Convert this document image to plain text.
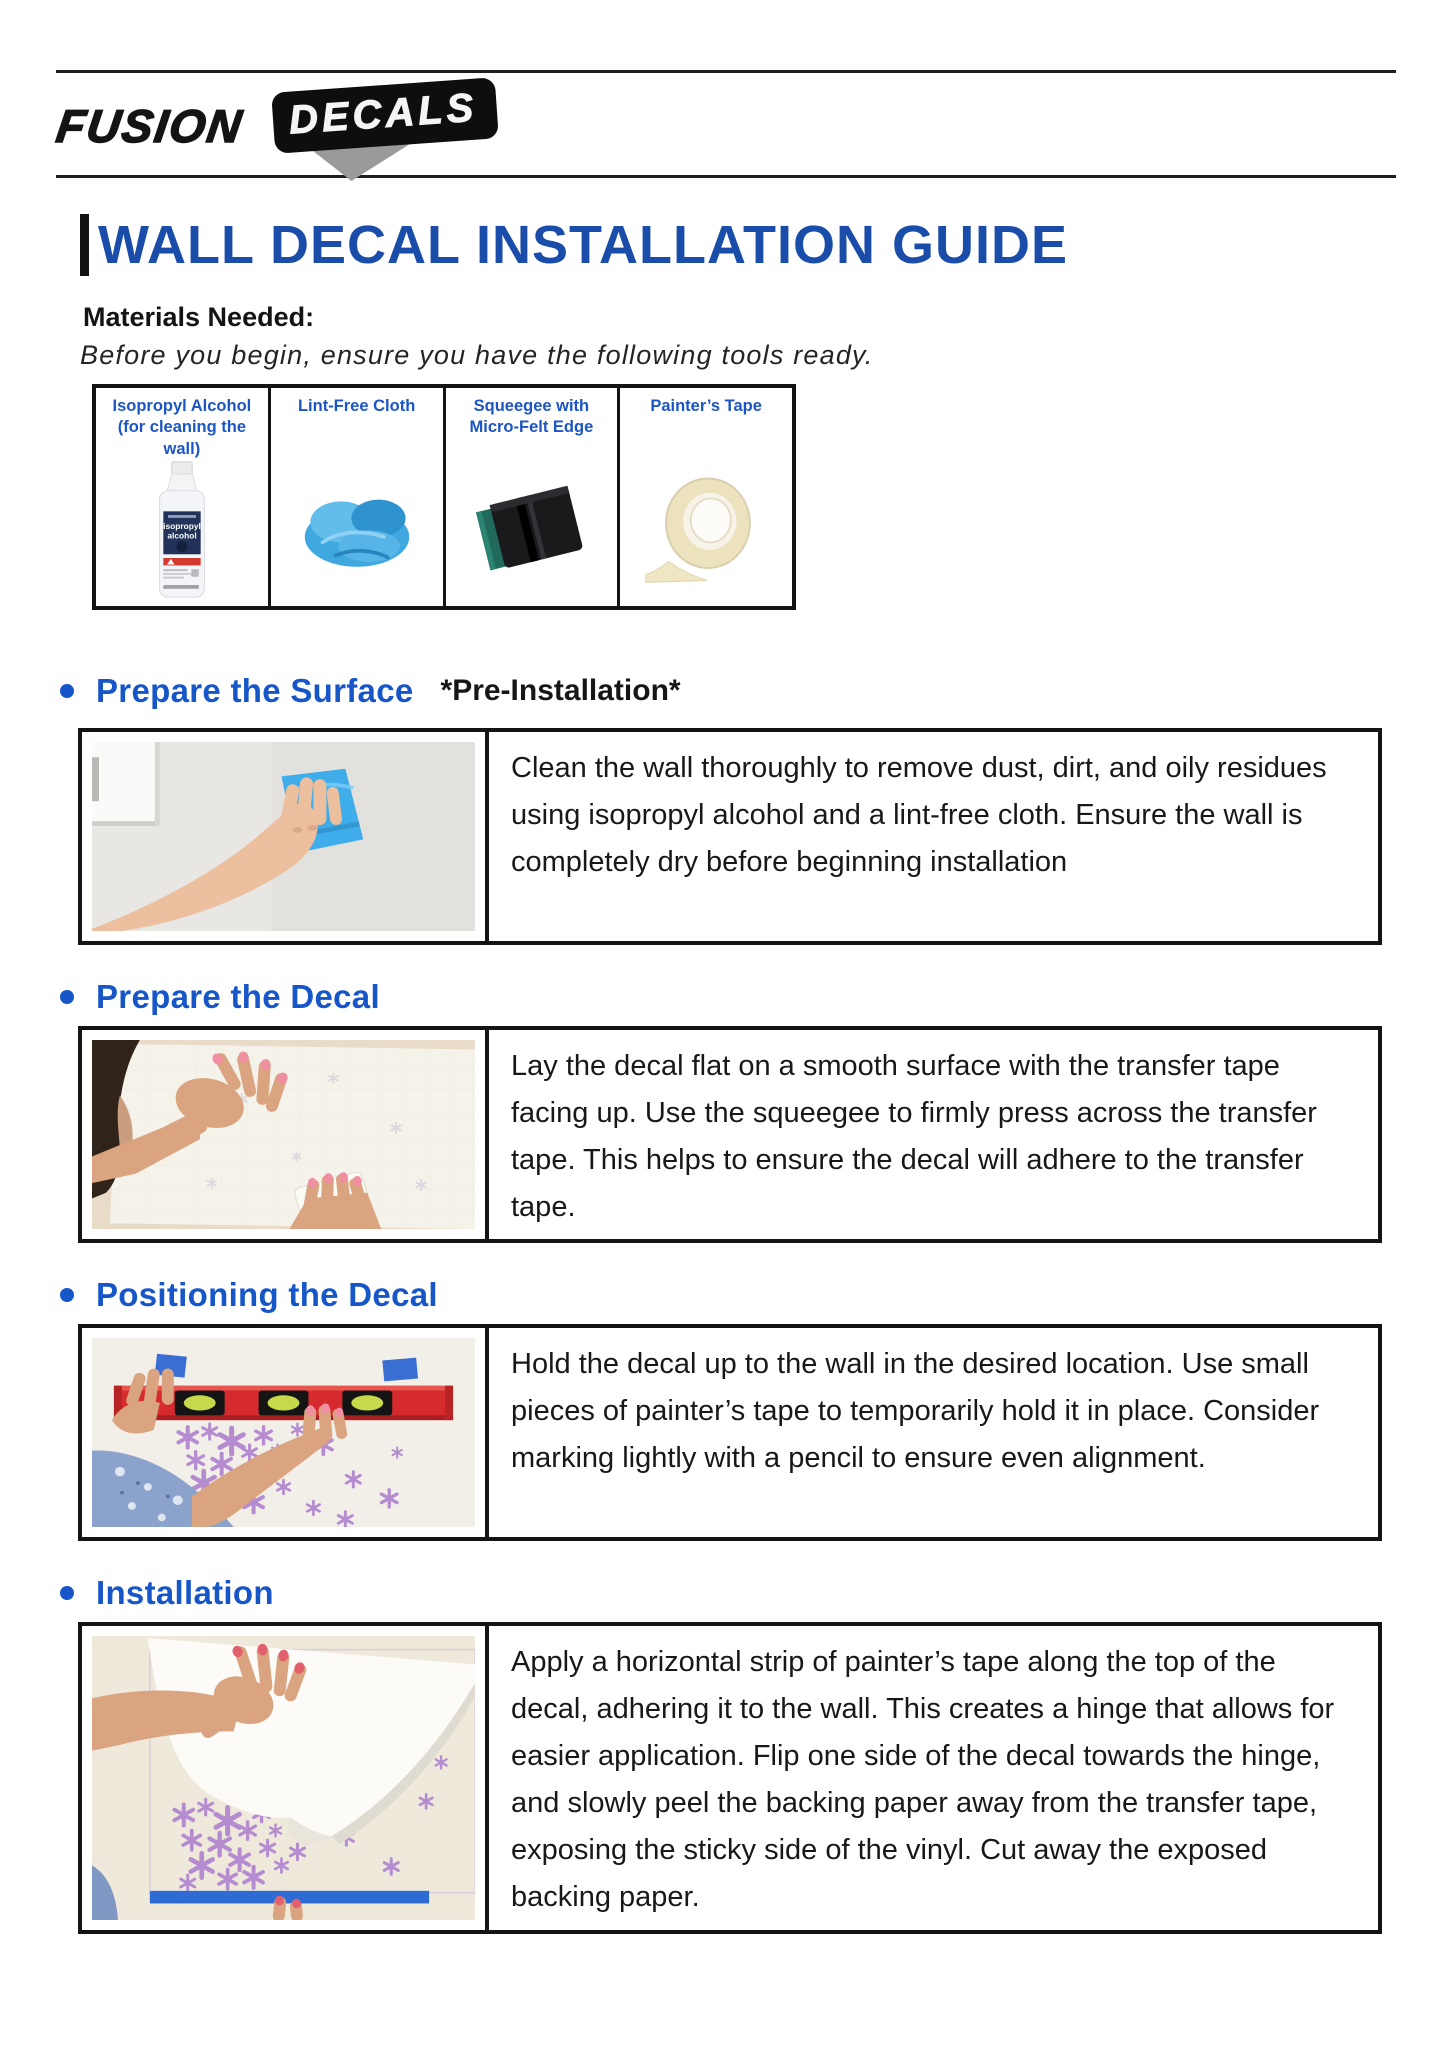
FUSION	DECALS
WALL DECAL INSTALLATION GUIDE
Materials Needed:
Before you begin, ensure you have the following tools ready.
Isopropyl Alcohol (for cleaning the wall)
isopropyl
alcohol
Lint-Free Cloth	Squeegee with Micro-Felt Edge
Painter’s Tape
Prepare the Surface *Pre-Installation*
Clean the wall thoroughly to remove dust, dirt, and oily residues using isopropyl alcohol and a lint-free cloth. Ensure the wall is completely dry before beginning installation
Prepare the Decal
Lay the decal flat on a smooth surface with the transfer tape facing up. Use the squeegee to firmly press across the transfer tape. This helps to ensure the decal will adhere to the transfer tape.
Positioning the Decal
Hold the decal up to the wall in the desired location. Use small pieces of painter’s tape to temporarily hold it in place. Consider marking lightly with a pencil to ensure even alignment.
Installation
Apply a horizontal strip of painter’s tape along the top of the decal, adhering it to the wall. This creates a hinge that allows for easier application. Flip one side of the decal towards the hinge, and slowly peel the backing paper away from the transfer tape, exposing the sticky side of the vinyl. Cut away the exposed backing paper.
